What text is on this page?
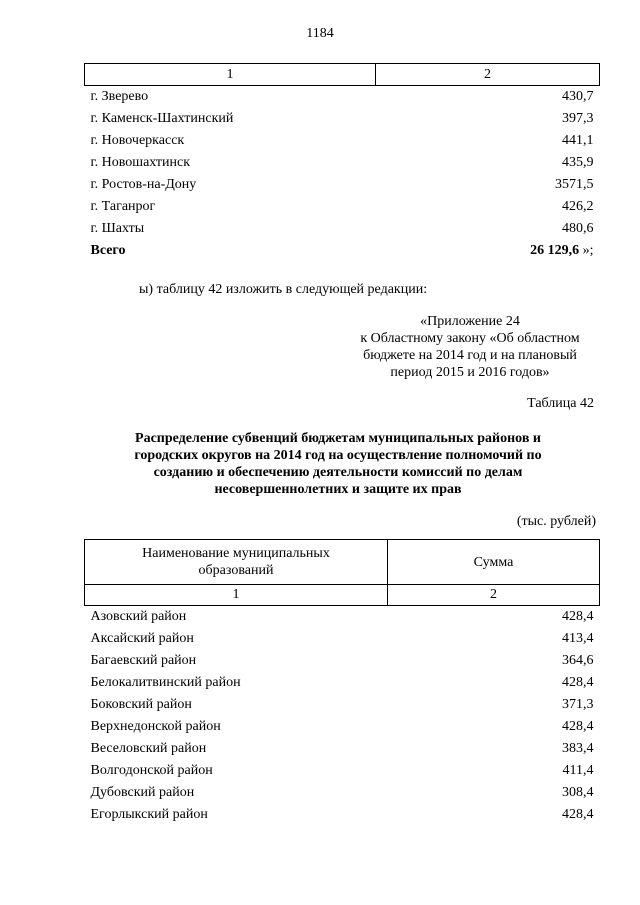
1184
1	2
г. Зверево	430,7
г. Каменск-Шахтинский	397,3
г. Новочеркасск	441,1
г. Новошахтинск	435,9
г. Ростов-на-Дону	3571,5
г. Таганрог	426,2
г. Шахты	480,6
Всего	26 129,6 »;
ы) таблицу 42 изложить в следующей редакции:
«Приложение 24
к Областному закону «Об областном
бюджете на 2014 год и на плановый
период 2015 и 2016 годов»
Таблица 42
Распределение субвенций бюджетам муниципальных районов и
городских округов на 2014 год на осуществление полномочий по
созданию и обеспечению деятельности комиссий по делам
несовершеннолетних и защите их прав
(тыс. рублей)
Наименование муниципальных
образований	Сумма
1	2
Азовский район	428,4
Аксайский район	413,4
Багаевский район	364,6
Белокалитвинский район	428,4
Боковский район	371,3
Верхнедонской район	428,4
Веселовский район	383,4
Волгодонской район	411,4
Дубовский район	308,4
Егорлыкский район	428,4
